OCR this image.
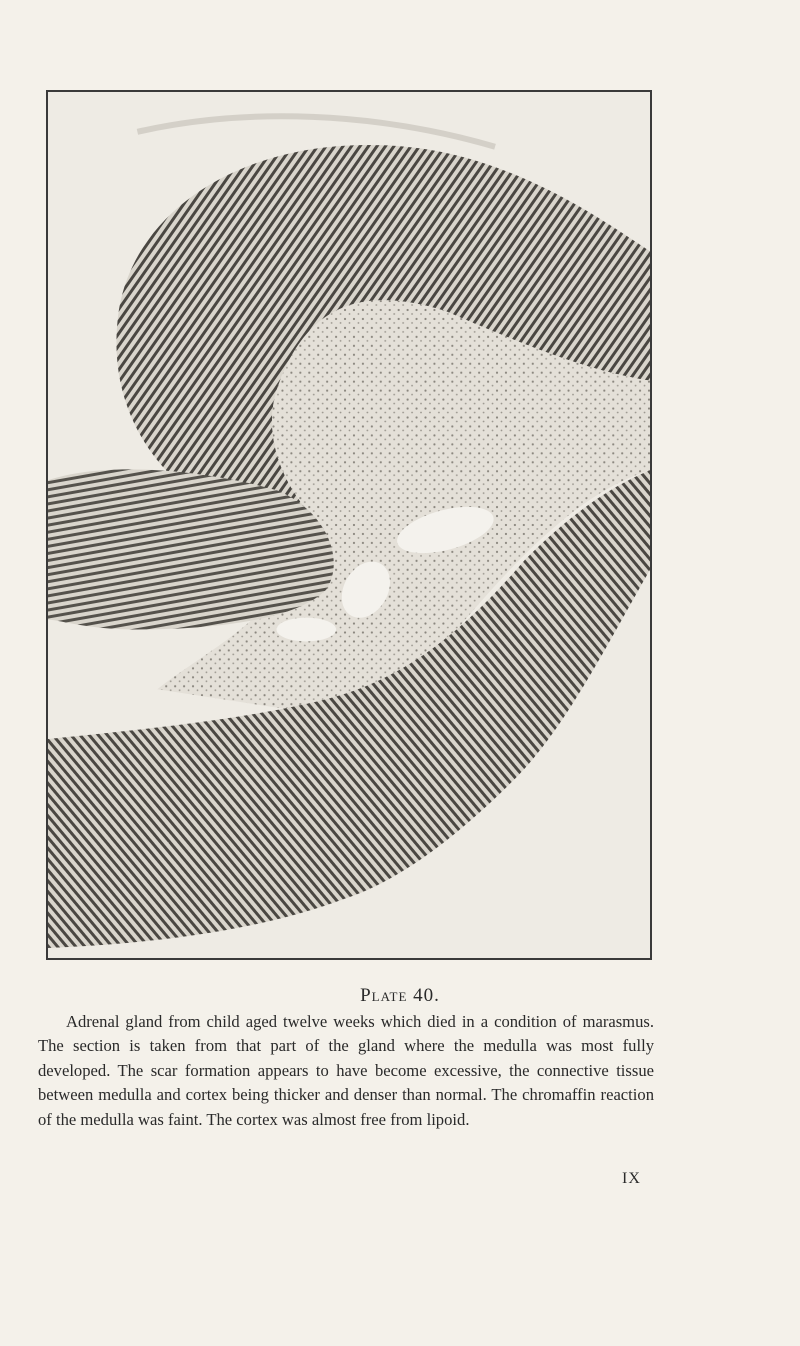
Plate 40.
Adrenal gland from child aged twelve weeks which died in a condition of marasmus. The section is taken from that part of the gland where the medulla was most fully developed. The scar formation appears to have become excessive, the connective tissue between medulla and cortex being thicker and denser than normal. The chromaffin reaction of the medulla was faint. The cortex was almost free from lipoid.
IX
